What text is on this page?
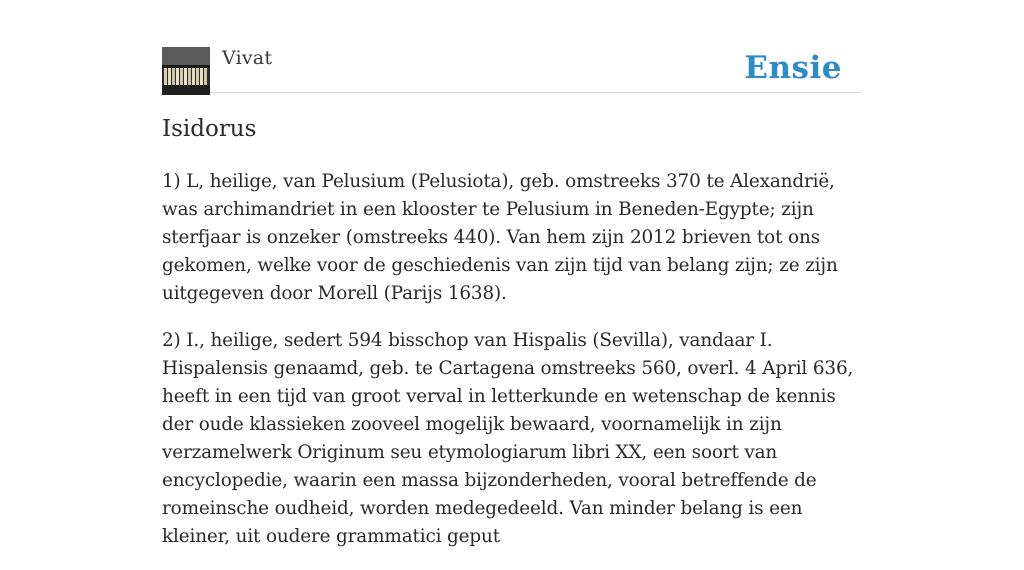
Vivat	Ensie
Isidorus

1) L, heilige, van Pelusium (Pelusiota), geb. omstreeks 370 te Alexandrië, was archimandriet in een klooster te Pelusium in Beneden-Egypte; zijn sterfjaar is onzeker (omstreeks 440). Van hem zijn 2012 brieven tot ons gekomen, welke voor de geschiedenis van zijn tijd van belang zijn; ze zijn uitgegeven door Morell (Parijs 1638).

2) I., heilige, sedert 594 bisschop van Hispalis (Sevilla), vandaar I. Hispalensis genaamd, geb. te Cartagena omstreeks 560, overl. 4 April 636, heeft in een tijd van groot verval in letterkunde en wetenschap de kennis der oude klassieken zooveel mogelijk bewaard, voornamelijk in zijn verzamelwerk Originum seu etymologiarum libri XX, een soort van encyclopedie, waarin een massa bijzonderheden, vooral betreffende de romeinsche oudheid, worden medegedeeld. Van minder belang is een kleiner, uit oudere grammatici geput
